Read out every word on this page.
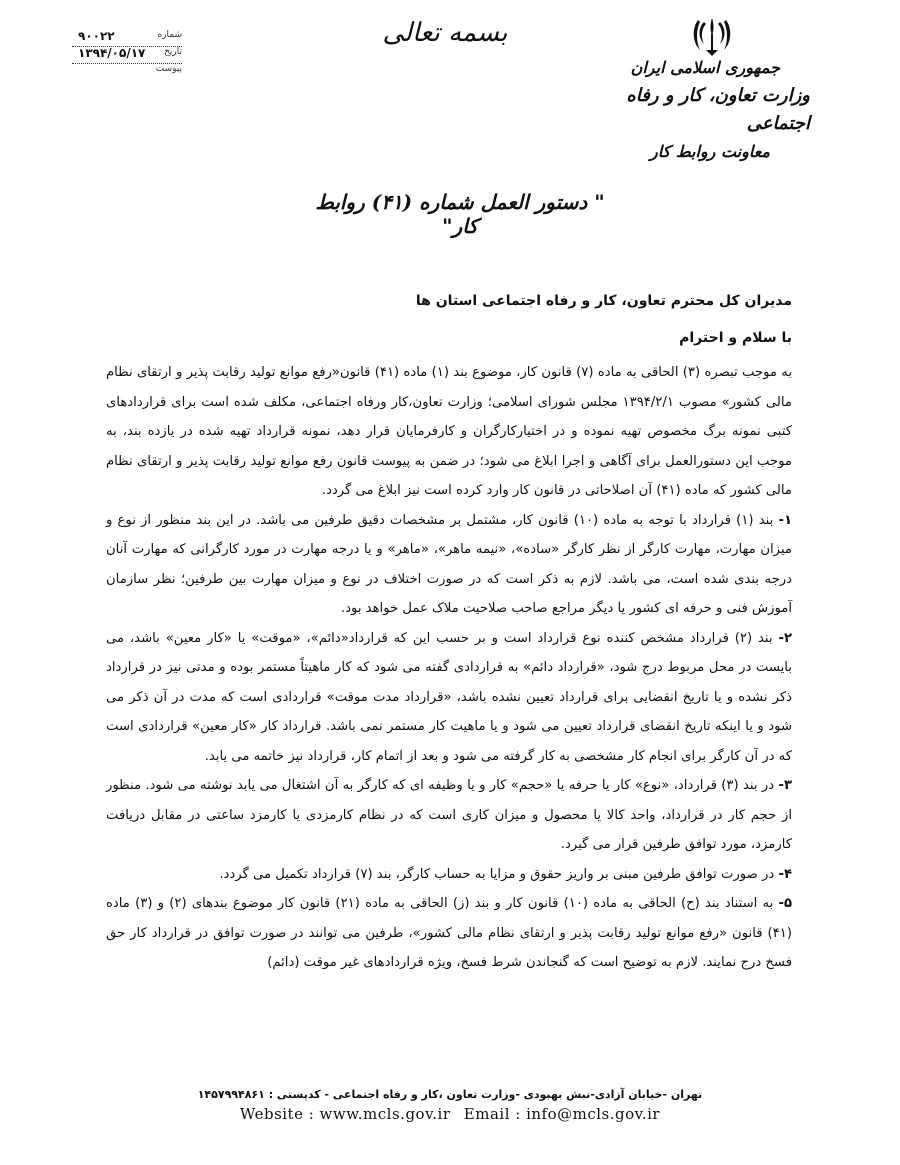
شماره
۹۰۰۲۲
تاریخ
۱۳۹۴/۰۵/۱۷
پیوست
بسمه تعالی
جمهوری اسلامی ایران
وزارت تعاون، کار و رفاه اجتماعی
معاونت روابط کار
" دستور العمل شماره (۴۱) روابط کار"
مدیران کل محترم تعاون، کار و رفاه اجتماعی استان ها
با سلام و احترام

به موجب تبصره (۳) الحاقی به ماده (۷) قانون کار، موضوع بند (۱) ماده (۴۱) قانون«رفع موانع تولید رقابت پذیر و ارتقای نظام مالی کشور» مصوب ۱۳۹۴/۲/۱ مجلس شورای اسلامی؛ وزارت تعاون،کار ورفاه اجتماعی، مکلف شده است برای قراردادهای کتبی نمونه برگ مخصوص تهیه نموده و در اختیارکارگران و کارفرمایان قرار دهد، نمونه قرارداد تهیه شده در یازده بند، به موجب این دستورالعمل برای آگاهی و اجرا ابلاغ می شود؛ در ضمن به پیوست قانون رفع موانع تولید رقابت پذیر و ارتقای نظام مالی کشور که ماده (۴۱) آن اصلاحاتی در قانون کار وارد کرده است نیز ابلاغ می گردد.

۱- بند (۱) قرارداد با توجه به ماده (۱۰) قانون کار، مشتمل بر مشخصات دقیق طرفین می باشد. در این بند منظور از نوع و میزان مهارت، مهارت کارگر از نظر کارگر «ساده»، «نیمه ماهر»، «ماهر» و یا درجه مهارت در مورد کارگرانی که مهارت آنان درجه بندی شده است، می باشد. لازم به ذکر است که در صورت اختلاف در نوع و میزان مهارت بین طرفین؛ نظر سازمان آموزش فنی و حرفه ای کشور یا دیگر مراجع صاحب صلاحیت ملاک عمل خواهد بود.

۲- بند (۲) قرارداد مشخص کننده نوع قرارداد است و بر حسب این که قرارداد«دائم»، «موقت» یا «کار معین» باشد، می بایست در محل مربوط درج شود، «قرارداد دائم» به قراردادی گفته می شود که کار ماهیتاً مستمر بوده و مدتی نیز در قرارداد ذکر نشده و یا تاریخ انقضایی برای قرارداد تعیین نشده باشد، «قرارداد مدت موقت» قراردادی است که مدت در آن ذکر می شود و یا اینکه تاریخ انقضای قرارداد تعیین می شود و یا ماهیت کار مستمر نمی باشد. قرارداد کار «کار معین» قراردادی است که در آن کارگر برای انجام کار مشخصی به کار گرفته می شود و بعد از اتمام کار، قرارداد نیز خاتمه می یابد.

۳- در بند (۳) قرارداد، «نوع» کار یا حرفه یا «حجم» کار و یا وظیفه ای که کارگر به آن اشتغال می یابد نوشته می شود. منظور از حجم کار در قرارداد، واحد کالا یا محصول و میزان کاری است که در نظام کارمزدی یا کارمزد ساعتی در مقابل دریافت کارمزد، مورد توافق طرفین قرار می گیرد.

۴- در صورت توافق طرفین مبنی بر واریز حقوق و مزایا به حساب کارگر، بند (۷) قرارداد تکمیل می گردد.

۵- به استناد بند (ح) الحاقی به ماده (۱۰) قانون کار و بند (ز) الحاقی به ماده (۲۱) قانون کار موضوع بندهای (۲) و (۳) ماده (۴۱) قانون «رفع موانع تولید رقابت پذیر و ارتقای نظام مالی کشور»، طرفین می توانند در صورت توافق در قرارداد کار حق فسخ درج نمایند. لازم به توضیح است که گنجاندن شرط فسخ، ویژه قراردادهای غیر موقت (دائم)

تهران -خیابان آزادی-نبش بهبودی -وزارت تعاون ،کار و رفاه اجتماعی - کدپستی : ۱۴۵۷۹۹۴۸۶۱
Website : www.mcls.gov.ir Email : info@mcls.gov.ir
